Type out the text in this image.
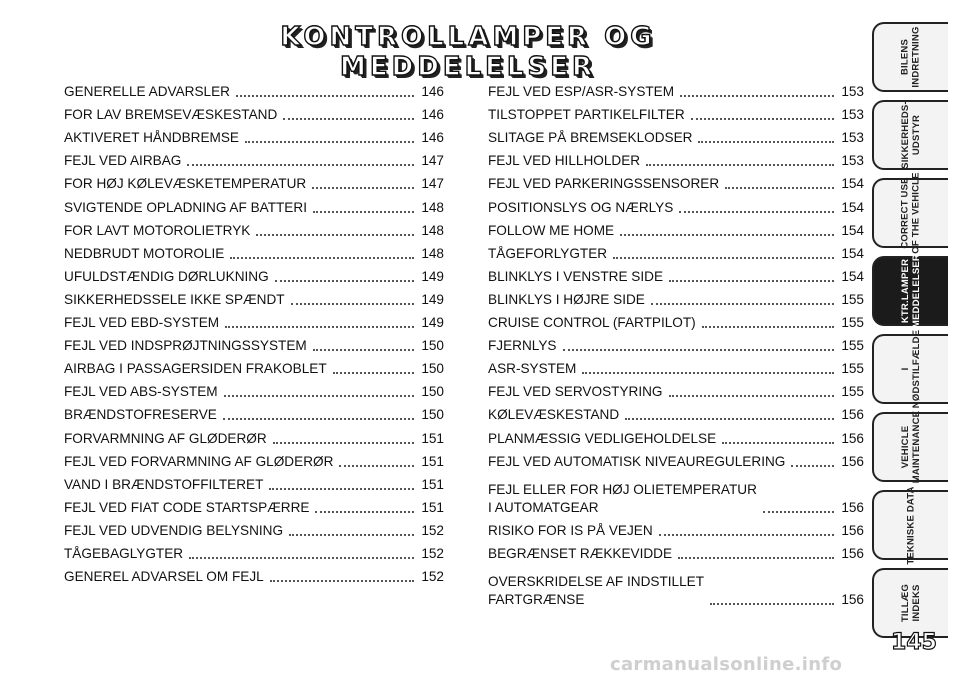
KONTROLLAMPER OG MEDDELELSER
GENERELLE ADVARSLER	146
FOR LAV BREMSEVÆSKESTAND	146
AKTIVERET HÅNDBREMSE	146
FEJL VED AIRBAG	147
FOR HØJ KØLEVÆSKETEMPERATUR	147
SVIGTENDE OPLADNING AF BATTERI	148
FOR LAVT MOTOROLIETRYK	148
NEDBRUDT MOTOROLIE	148
UFULDSTÆNDIG DØRLUKNING	149
SIKKERHEDSSELE IKKE SPÆNDT	149
FEJL VED EBD-SYSTEM	149
FEJL VED INDSPRØJTNINGSSYSTEM	150
AIRBAG I PASSAGERSIDEN FRAKOBLET	150
FEJL VED ABS-SYSTEM	150
BRÆNDSTOFRESERVE	150
FORVARMNING AF GLØDERØR	151
FEJL VED FORVARMNING AF GLØDERØR	151
VAND I BRÆNDSTOFFILTERET	151
FEJL VED FIAT CODE STARTSPÆRRE	151
FEJL VED UDVENDIG BELYSNING	152
TÅGEBAGLYGTER	152
GENEREL ADVARSEL OM FEJL	152
FEJL VED ESP/ASR-SYSTEM	153
TILSTOPPET PARTIKELFILTER	153
SLITAGE PÅ BREMSEKLODSER	153
FEJL VED HILLHOLDER	153
FEJL VED PARKERINGSSENSORER	154
POSITIONSLYS OG NÆRLYS	154
FOLLOW ME HOME	154
TÅGEFORLYGTER	154
BLINKLYS I VENSTRE SIDE	154
BLINKLYS I HØJRE SIDE	155
CRUISE CONTROL (FARTPILOT)	155
FJERNLYS	155
ASR-SYSTEM	155
FEJL VED SERVOSTYRING	155
KØLEVÆSKESTAND	156
PLANMÆSSIG VEDLIGEHOLDELSE	156
FEJL VED AUTOMATISK NIVEAUREGULERING	156
FEJL ELLER FOR HØJ OLIETEMPERATUR
I AUTOMATGEAR	156
RISIKO FOR IS PÅ VEJEN	156
BEGRÆNSET RÆKKEVIDDE	156
OVERSKRIDELSE AF INDSTILLET
FARTGRÆNSE	156
BILENS
INDRETNING
SIKKERHEDS-
UDSTYR
CORRECT USE
OF THE VEHICLE
KTR.LAMPER
MEDDELELSER
I
NØDSTILFÆLDE
VEHICLE
MAINTENANCE
TEKNISKE DATA
TILLÆG
INDEKS
145
carmanualsonline.info
